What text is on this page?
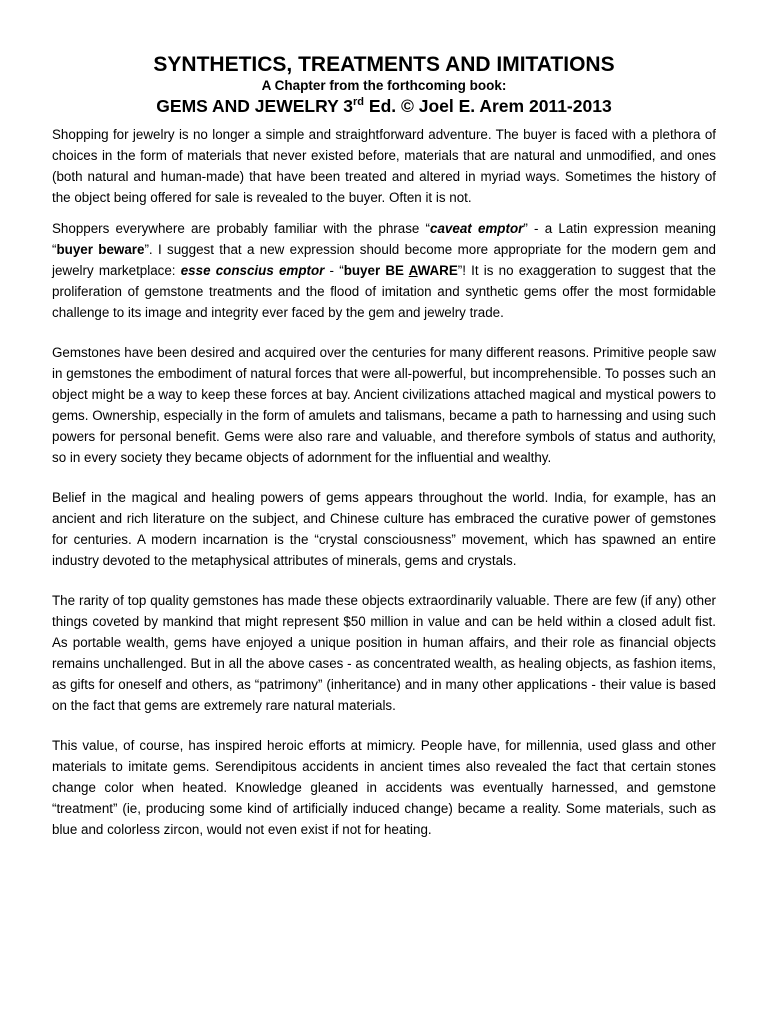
SYNTHETICS, TREATMENTS AND IMITATIONS

A Chapter from the forthcoming book:

GEMS AND JEWELRY 3rd Ed. © Joel E. Arem 2011-2013

Shopping for jewelry is no longer a simple and straightforward adventure. The buyer is faced with a plethora of choices in the form of materials that never existed before, materials that are natural and unmodified, and ones (both natural and human-made) that have been treated and altered in myriad ways. Sometimes the history of the object being offered for sale is revealed to the buyer. Often it is not.

Shoppers everywhere are probably familiar with the phrase “caveat emptor” - a Latin expression meaning “buyer beware”. I suggest that a new expression should become more appropriate for the modern gem and jewelry marketplace: esse conscius emptor - “buyer BE AWARE”! It is no exaggeration to suggest that the proliferation of gemstone treatments and the flood of imitation and synthetic gems offer the most formidable challenge to its image and integrity ever faced by the gem and jewelry trade.

Gemstones have been desired and acquired over the centuries for many different reasons. Primitive people saw in gemstones the embodiment of natural forces that were all-powerful, but incomprehensible. To posses such an object might be a way to keep these forces at bay. Ancient civilizations attached magical and mystical powers to gems. Ownership, especially in the form of amulets and talismans, became a path to harnessing and using such powers for personal benefit. Gems were also rare and valuable, and therefore symbols of status and authority, so in every society they became objects of adornment for the influential and wealthy.

Belief in the magical and healing powers of gems appears throughout the world. India, for example, has an ancient and rich literature on the subject, and Chinese culture has embraced the curative power of gemstones for centuries. A modern incarnation is the “crystal consciousness” movement, which has spawned an entire industry devoted to the metaphysical attributes of minerals, gems and crystals.

The rarity of top quality gemstones has made these objects extraordinarily valuable. There are few (if any) other things coveted by mankind that might represent $50 million in value and can be held within a closed adult fist. As portable wealth, gems have enjoyed a unique position in human affairs, and their role as financial objects remains unchallenged. But in all the above cases - as concentrated wealth, as healing objects, as fashion items, as gifts for oneself and others, as “patrimony” (inheritance) and in many other applications - their value is based on the fact that gems are extremely rare natural materials.

This value, of course, has inspired heroic efforts at mimicry. People have, for millennia, used glass and other materials to imitate gems. Serendipitous accidents in ancient times also revealed the fact that certain stones change color when heated. Knowledge gleaned in accidents was eventually harnessed, and gemstone “treatment” (ie, producing some kind of artificially induced change) became a reality. Some materials, such as blue and colorless zircon, would not even exist if not for heating.
